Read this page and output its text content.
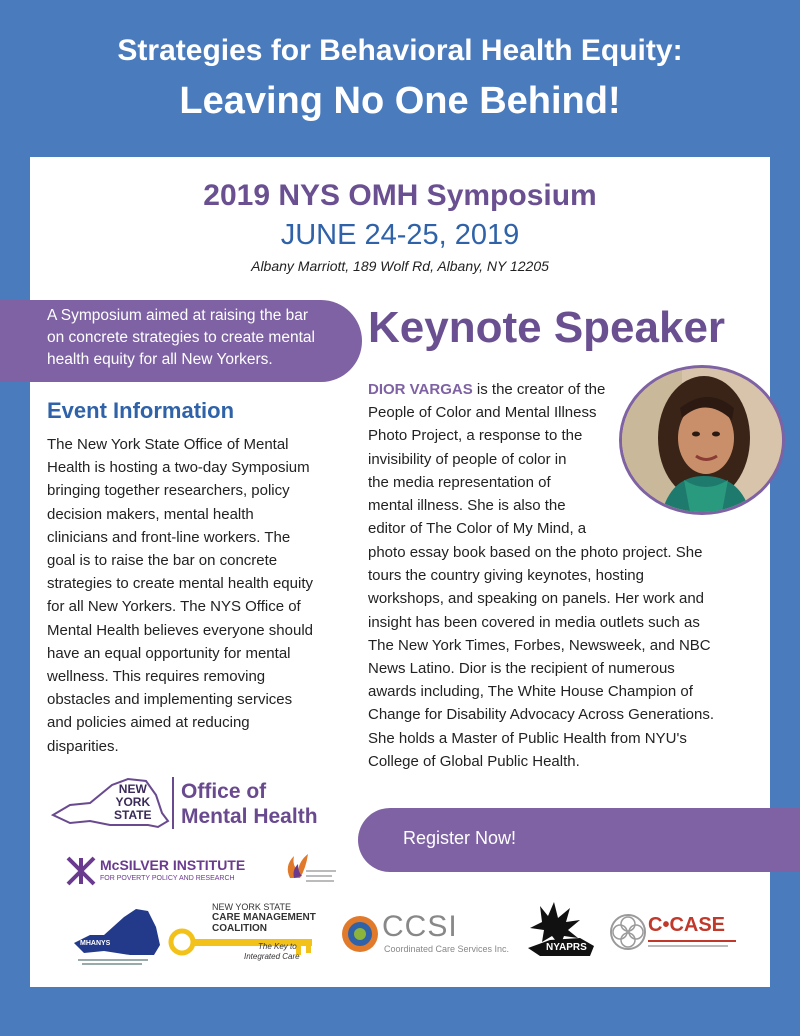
Strategies for Behavioral Health Equity:
Leaving No One Behind!
2019 NYS OMH Symposium
JUNE 24-25, 2019
Albany Marriott, 189 Wolf Rd, Albany, NY 12205
A Symposium aimed at raising the bar
on concrete strategies to create mental
health equity for all New Yorkers.
Event Information
The New York State Office of Mental
Health is hosting a two-day Symposium
bringing together researchers, policy
decision makers, mental health
clinicians and front-line workers. The
goal is to raise the bar on concrete
strategies to create mental health equity
for all New Yorkers. The NYS Office of
Mental Health believes everyone should
have an equal opportunity for mental
wellness. This requires removing
obstacles and implementing services
and policies aimed at reducing
disparities.
Keynote Speaker
DIOR VARGAS is the creator of the
People of Color and Mental Illness
Photo Project, a response to the
invisibility of people of color in
the media representation of
mental illness. She is also the
editor of The Color of My Mind, a
photo essay book based on the photo project. She
tours the country giving keynotes, hosting
workshops, and speaking on panels. Her work and
insight has been covered in media outlets such as
The New York Times, Forbes, Newsweek, and NBC
News Latino. Dior is the recipient of numerous
awards including, The White House Champion of
Change for Disability Advocacy Across Generations.
She holds a Master of Public Health from NYU's
College of Global Public Health.
Register Now!
NEW
YORK
STATE
Office of
Mental Health
McSILVER INSTITUTE
FOR POVERTY POLICY AND RESEARCH
MHANYS
NEW YORK STATE
CARE MANAGEMENT
COALITION
The Key to
Integrated Care
CCSI
Coordinated Care Services Inc.	NYAPRS
C•CASE
